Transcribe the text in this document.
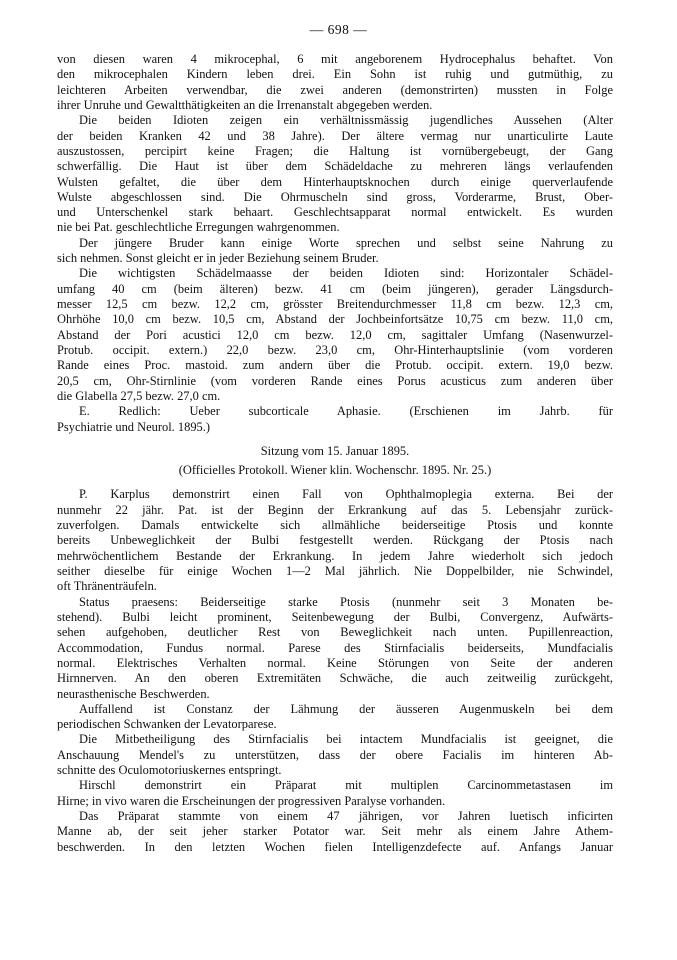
— 698 —

von diesen waren 4 mikrocephal, 6 mit angeborenem Hydrocephalus behaftet. Von

den mikrocephalen Kindern leben drei. Ein Sohn ist ruhig und gutmüthig, zu

leichteren Arbeiten verwendbar, die zwei anderen (demonstrirten) mussten in Folge

ihrer Unruhe und Gewaltthätigkeiten an die Irrenanstalt abgegeben werden.

Die beiden Idioten zeigen ein verhältnissmässig jugendliches Aussehen (Alter

der beiden Kranken 42 und 38 Jahre). Der ältere vermag nur unarticulirte Laute

auszustossen, percipirt keine Fragen; die Haltung ist vornübergebeugt, der Gang

schwerfällig. Die Haut ist über dem Schädeldache zu mehreren längs verlaufenden

Wulsten gefaltet, die über dem Hinterhauptsknochen durch einige querverlaufende

Wulste abgeschlossen sind. Die Ohrmuscheln sind gross, Vorderarme, Brust, Ober-

und Unterschenkel stark behaart. Geschlechtsapparat normal entwickelt. Es wurden

nie bei Pat. geschlechtliche Erregungen wahrgenommen.

Der jüngere Bruder kann einige Worte sprechen und selbst seine Nahrung zu

sich nehmen. Sonst gleicht er in jeder Beziehung seinem Bruder.

Die wichtigsten Schädelmaasse der beiden Idioten sind: Horizontaler Schädel-

umfang 40 cm (beim älteren) bezw. 41 cm (beim jüngeren), gerader Längsdurch-

messer 12,5 cm bezw. 12,2 cm, grösster Breitendurchmesser 11,8 cm bezw. 12,3 cm,

Ohrhöhe 10,0 cm bezw. 10,5 cm, Abstand der Jochbeinfortsätze 10,75 cm bezw. 11,0 cm,

Abstand der Pori acustici 12,0 cm bezw. 12,0 cm, sagittaler Umfang (Nasenwurzel-

Protub. occipit. extern.) 22,0 bezw. 23,0 cm, Ohr-Hinterhauptslinie (vom vorderen

Rande eines Proc. mastoid. zum andern über die Protub. occipit. extern. 19,0 bezw.

20,5 cm, Ohr-Stirnlinie (vom vorderen Rande eines Porus acusticus zum anderen über

die Glabella 27,5 bezw. 27,0 cm.

E. Redlich: Ueber subcorticale Aphasie. (Erschienen im Jahrb. für

Psychiatrie und Neurol. 1895.)

Sitzung vom 15. Januar 1895.

(Officielles Protokoll. Wiener klin. Wochenschr. 1895. Nr. 25.)

P. Karplus demonstrirt einen Fall von Ophthalmoplegia externa. Bei der

nunmehr 22 jähr. Pat. ist der Beginn der Erkrankung auf das 5. Lebensjahr zurück-

zuverfolgen. Damals entwickelte sich allmähliche beiderseitige Ptosis und konnte

bereits Unbeweglichkeit der Bulbi festgestellt werden. Rückgang der Ptosis nach

mehrwöchentlichem Bestande der Erkrankung. In jedem Jahre wiederholt sich jedoch

seither dieselbe für einige Wochen 1—2 Mal jährlich. Nie Doppelbilder, nie Schwindel,

oft Thränenträufeln.

Status praesens: Beiderseitige starke Ptosis (nunmehr seit 3 Monaten be-

stehend). Bulbi leicht prominent, Seitenbewegung der Bulbi, Convergenz, Aufwärts-

sehen aufgehoben, deutlicher Rest von Beweglichkeit nach unten. Pupillenreaction,

Accommodation, Fundus normal. Parese des Stirnfacialis beiderseits, Mundfacialis

normal. Elektrisches Verhalten normal. Keine Störungen von Seite der anderen

Hirnnerven. An den oberen Extremitäten Schwäche, die auch zeitweilig zurückgeht,

neurasthenische Beschwerden.

Auffallend ist Constanz der Lähmung der äusseren Augenmuskeln bei dem

periodischen Schwanken der Levatorparese.

Die Mitbetheiligung des Stirnfacialis bei intactem Mundfacialis ist geeignet, die

Anschauung Mendel's zu unterstützen, dass der obere Facialis im hinteren Ab-

schnitte des Oculomotoriuskernes entspringt.

Hirschl demonstrirt ein Präparat mit multiplen Carcinommetastasen im

Hirne; in vivo waren die Erscheinungen der progressiven Paralyse vorhanden.

Das Präparat stammte von einem 47 jährigen, vor Jahren luetisch inficirten

Manne ab, der seit jeher starker Potator war. Seit mehr als einem Jahre Athem-

beschwerden. In den letzten Wochen fielen Intelligenzdefecte auf. Anfangs Januar
